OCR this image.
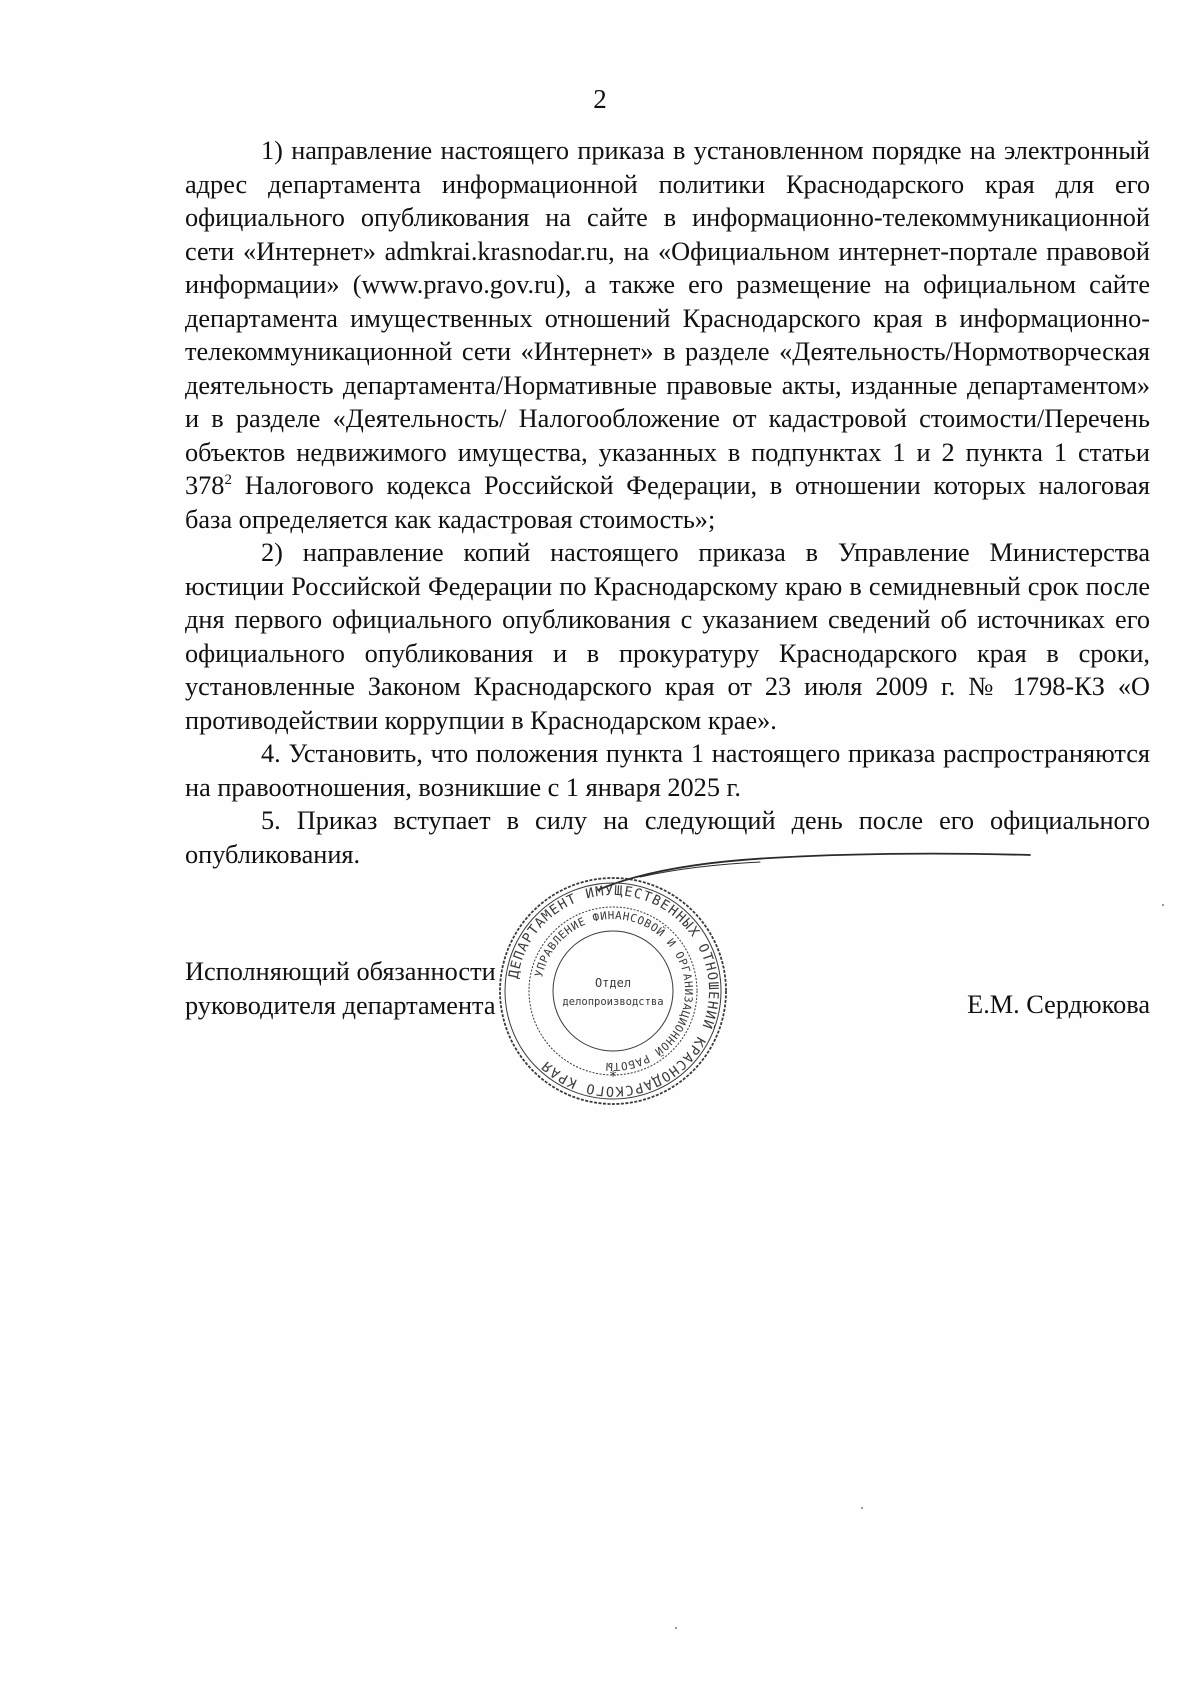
2

1) направление настоящего приказа в установленном порядке на электронный адрес департамента информационной политики Краснодарского края для его официального опубликования на сайте в информационно-телекоммуникационной сети «Интернет» admkrai.krasnodar.ru, на «Официальном интернет-портале правовой информации» (www.pravo.gov.ru), а также его размещение на официальном сайте департамента имущественных отношений Краснодарского края в информационно-телекоммуникационной сети «Интернет» в разделе «Деятельность/Нормотворческая деятельность департамента/Нормативные правовые акты, изданные департаментом» и в разделе «Деятельность/ Налогообложение от кадастровой стоимости/Перечень объектов недвижимого имущества, указанных в подпунктах 1 и 2 пункта 1 статьи $378^2$ Налогового кодекса Российской Федерации, в отношении которых налоговая база определяется как кадастровая стоимость»;

2) направление копий настоящего приказа в Управление Министерства юстиции Российской Федерации по Краснодарскому краю в семидневный срок после дня первого официального опубликования с указанием сведений об источниках его официального опубликования и в прокуратуру Краснодарского края в сроки, установленные Законом Краснодарского края от 23 июля 2009 г. № 1798-КЗ «О противодействии коррупции в Краснодарском крае».

4. Установить, что положения пункта 1 настоящего приказа распространяются на правоотношения, возникшие с 1 января 2025 г.

5. Приказ вступает в силу на следующий день после его официального опубликования.

Исполняющий обязанности
руководителя департамента	Е.М. Сердюкова
ДЕПАРТАМЕНТ ИМУЩЕСТВЕННЫХ ОТНОШЕНИЙ КРАСНОДАРСКОГО КРАЯ
УПРАВЛЕНИЕ ФИНАНСОВОЙ И ОРГАНИЗАЦИОННОЙ РАБОТЫ
*
Отдел
делопроизводства
